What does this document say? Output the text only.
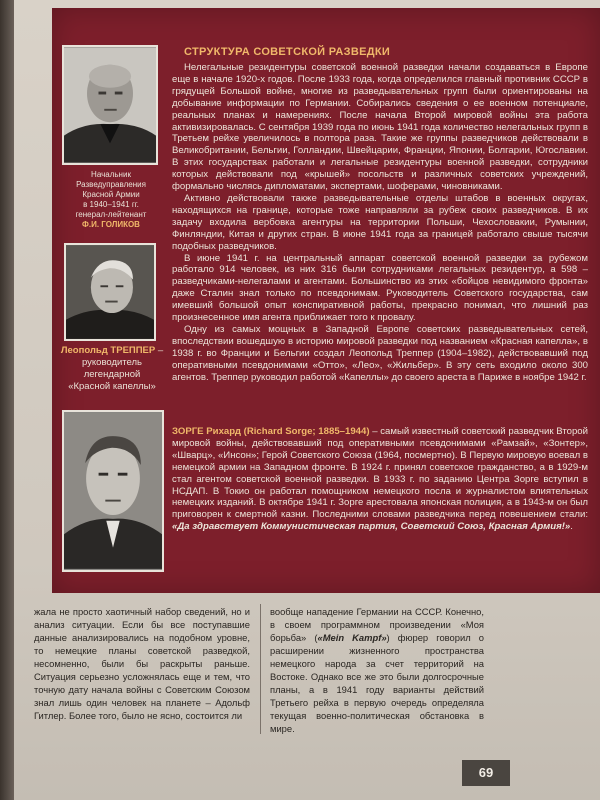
Начальник
Разведуправления
Красной Армии
в 1940–1941 гг.
генерал-лейтенант
Ф.И. ГОЛИКОВ
Леопольд ТРЕППЕР –
руководитель
легендарной
«Красной капеллы»
СТРУКТУРА СОВЕТСКОЙ РАЗВЕДКИ

Нелегальные резидентуры советской военной разведки начали создаваться в Европе еще в начале 1920-х годов. После 1933 года, когда определился главный противник СССР в грядущей Большой войне, многие из разведывательных групп были ориентированы на добывание информации по Германии. Собирались сведения о ее военном потенциале, реальных планах и намерениях. После начала Второй мировой войны эта работа активизировалась. С сентября 1939 года по июнь 1941 года количество нелегальных групп в Третьем рейхе увеличилось в полтора раза. Такие же группы разведчиков действовали в Великобритании, Бельгии, Голландии, Швейцарии, Франции, Японии, Болгарии, Югославии. В этих государствах работали и легальные резидентуры военной разведки, сотрудники которых действовали под «крышей» посольств и различных советских учреждений, формально числясь дипломатами, экспертами, шоферами, чиновниками.

Активно действовали также разведывательные отделы штабов в военных округах, находящихся на границе, которые тоже направляли за рубеж своих разведчиков. В их задачу входила вербовка агентуры на территории Польши, Чехословакии, Румынии, Финляндии, Китая и других стран. В июне 1941 года за границей работало свыше тысячи подобных разведчиков.

В июне 1941 г. на центральный аппарат советской военной разведки за рубежом работало 914 человек, из них 316 были сотрудниками легальных резидентур, а 598 – разведчиками-нелегалами и агентами. Большинство из этих «бойцов невидимого фронта» даже Сталин знал только по псевдонимам. Руководитель Советского государства, сам имевший большой опыт конспиративной работы, прекрасно понимал, что лишний раз произнесенное имя агента приближает того к провалу.

Одну из самых мощных в Западной Европе советских разведывательных сетей, впоследствии вошедшую в историю мировой разведки под названием «Красная капелла», в 1938 г. во Франции и Бельгии создал Леопольд Треппер (1904–1982), действовавший под оперативными псевдонимами «Отто», «Лео», «Жильбер». В эту сеть входило около 300 агентов. Треппер руководил работой «Капеллы» до своего ареста в Париже в ноябре 1942 г.

ЗОРГЕ Рихард (Richard Sorge; 1885–1944) – самый известный советский разведчик Второй мировой войны, действовавший под оперативными псевдонимами «Рамзай», «Зонтер», «Шварц», «Инсон»; Герой Советского Союза (1964, посмертно). В Первую мировую воевал в немецкой армии на Западном фронте. В 1924 г. принял советское гражданство, а в 1929-м стал агентом советской военной разведки. В 1933 г. по заданию Центра Зорге вступил в НСДАП. В Токио он работал помощником немецкого посла и журналистом влиятельных немецких изданий. В октябре 1941 г. Зорге арестовала японская полиция, а в 1943-м он был приговорен к смертной казни. Последними словами разведчика перед повешением стали: «Да здравствует Коммунистическая партия, Советский Союз, Красная Армия!».

жала не просто хаотичный набор сведений, но и анализ ситуации. Если бы все поступавшие данные анализировались на подобном уровне, то немецкие планы советской разведкой, несомненно, были бы раскрыты раньше. Ситуация серьезно усложнялась еще и тем, что точную дату начала войны с Советским Союзом знал лишь один человек на планете – Адольф Гитлер. Более того, было не ясно, состоится ли
вообще нападение Германии на СССР. Конечно, в своем программном произведении «Моя борьба» («Mein Kampf») фюрер говорил о расширении жизненного пространства немецкого народа за счет территорий на Востоке. Однако все же это были долгосрочные планы, а в 1941 году варианты действий Третьего рейха в первую очередь определяла текущая военно-политическая обстановка в мире.
69
